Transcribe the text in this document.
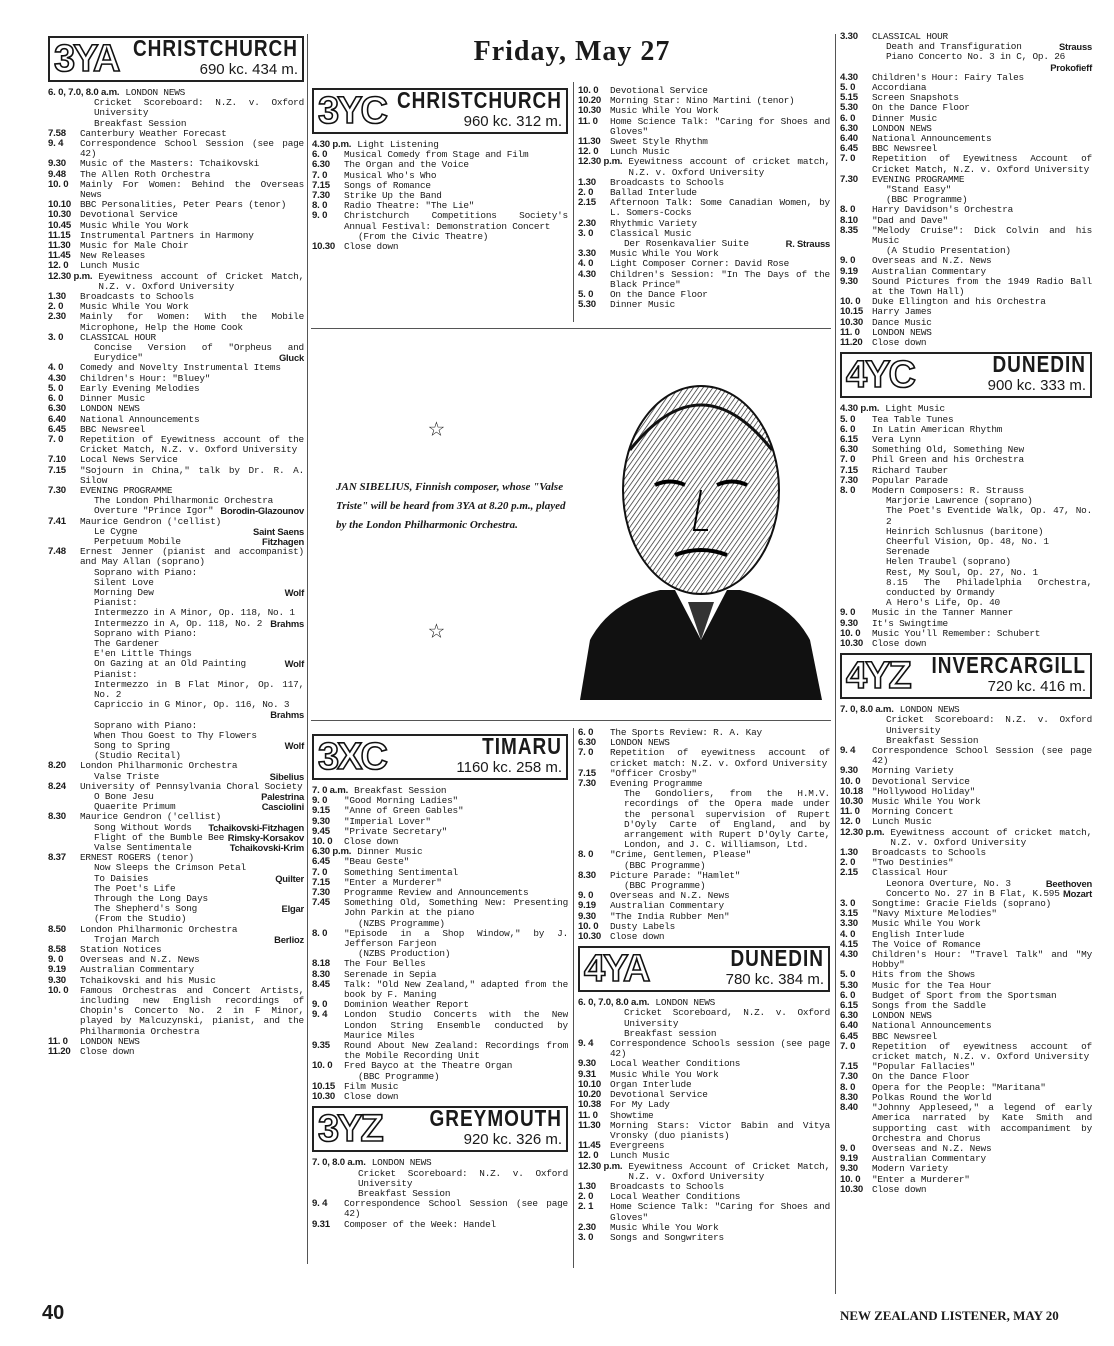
Friday, May 27
3YA CHRISTCHURCH
690 kc. 434 m.
6. 0, 7.0, 8.0 a.m. LONDON NEWS
Cricket Scoreboard: N.Z. v. Oxford University
Breakfast Session
7.58	Canterbury Weather Forecast
9. 4	Correspondence School Session (see page 42)
9.30	Music of the Masters: Tchaikovski
9.48	The Allen Roth Orchestra
10. 0	Mainly For Women: Behind the Overseas News
10.10 BBC Personalities, Peter Pears (tenor)
10.30 Devotional Service
10.45 Music While You Work
11.15	Instrumental Partners in Harmony
11.30	Music for Male Choir
11.45	New Releases
12. 0	Lunch Music
12.30 p.m. Eyewitness account of Cricket Match, N.Z. v. Oxford University
1.30	Broadcasts to Schools
2. 0	Music While You Work
2.30	Mainly for Women: With the Mobile Microphone, Help the Home Cook
3. 0	CLASSICAL HOUR
Concise Version of "Orpheus and Eurydice"	Gluck
4. 0	Comedy and Novelty Instrumental Items
4.30	Children's Hour: "Bluey"
5. 0	Early Evening Melodies
6. 0	Dinner Music
6.30	LONDON NEWS
6.40	National Announcements
6.45	BBC Newsreel
7. 0	Repetition of Eyewitness account of the Cricket Match, N.Z. v. Oxford University
7.10	Local News Service
7.15	"Sojourn in China," talk by Dr. R. A. Silow
7.30	EVENING PROGRAMME
The London Philharmonic Orchestra
Overture "Prince Igor" Borodin-Glazounov
7.41	Maurice Gendron ('cellist)
Le Cygne	Saint Saens
Perpetuum Mobile	Fitzhagen
7.48	Ernest Jenner (pianist and accompanist) and May Allan (soprano)
Soprano with Piano:
Silent Love
Morning Dew	Wolf
Pianist:
Intermezzo in A Minor, Op. 118, No. 1
Intermezzo in A, Op. 118, No. 2 Brahms
Soprano with Piano:
The Gardener
E'en Little Things
On Gazing at an Old Painting	Wolf
Pianist:
Intermezzo in B Flat Minor, Op. 117, No. 2
Capriccio in G Minor, Op. 116, No. 3
Brahms
Soprano with Piano:
When Thou Goest to Thy Flowers
Song to Spring	Wolf
(Studio Recital)
8.20	London Philharmonic Orchestra
Valse Triste	Sibelius
8.24	University of Pennsylvania Choral Society
O Bone Jesu	Palestrina
Quaerite Primum	Casciolini
8.30	Maurice Gendron ('cellist)
Song Without Words Tchaikovski-Fitzhagen
Flight of the Bumble Bee Rimsky-Korsakov
Valse Sentimentale	Tchaikovski-Krim
8.37	ERNEST ROGERS (tenor)
Now Sleeps the Crimson Petal
To Daisies	Quilter
The Poet's Life
Through the Long Days
The Shepherd's Song	Elgar
(From the Studio)
8.50	London Philharmonic Orchestra
Trojan March	Berlioz
8.58	Station Notices
9. 0	Overseas and N.Z. News
9.19	Australian Commentary
9.30	Tchaikovski and his Music
10. 0	Famous Orchestras and Concert Artists, including new English recordings of Chopin's Concerto No. 2 in F Minor, played by Malcuzynski, pianist, and the Philharmonia Orchestra
11. 0	LONDON NEWS
11.20	Close down
3YC CHRISTCHURCH
960 kc. 312 m.
4.30 p.m. Light Listening
6. 0	Musical Comedy from Stage and Film
6.30	The Organ and the Voice
7. 0	Musical Who's Who
7.15	Songs of Romance
7.30	Strike Up the Band
8. 0	Radio Theatre: "The Lie"
9. 0	Christchurch Competitions Society's Annual Festival: Demonstration Concert
(From the Civic Theatre)
10.30 Close down
10. 0	Devotional Service
10.20 Morning Star: Nino Martini (tenor)
10.30 Music While You Work
11. 0	Home Science Talk: "Caring for Shoes and Gloves"
11.30	Sweet Style Rhythm
12. 0	Lunch Music
12.30 p.m. Eyewitness account of cricket match, N.Z. v. Oxford University
1.30	Broadcasts to Schools
2. 0	Ballad Interlude
2.15	Afternoon Talk: Some Canadian Women, by L. Somers-Cocks
2.30	Rhythmic Variety
3. 0	Classical Music
Der Rosenkavalier Suite	R. Strauss
3.30	Music While You Work
4. 0	Light Composer Corner: David Rose
4.30	Children's Session: "In The Days of the Black Prince"
5. 0	On the Dance Floor
5.30	Dinner Music
☆
☆
JAN SIBELIUS, Finnish composer, whose "Valse Triste" will be heard from 3YA at 8.20 p.m., played by the London Philharmonic Orchestra.
3XC	TIMARU
1160 kc. 258 m.
7. 0 a.m. Breakfast Session
9. 0	"Good Morning Ladies"
9.15	"Anne of Green Gables"
9.30	"Imperial Lover"
9.45	"Private Secretary"
10. 0	Close down
6.30 p.m. Dinner Music
6.45	"Beau Geste"
7. 0	Something Sentimental
7.15	"Enter a Murderer"
7.30	Programme Review and Announcements
7.45	Something Old, Something New: Presenting John Parkin at the piano
(NZBS Programme)
8. 0	"Episode in a Shop Window," by J. Jefferson Farjeon
(NZBS Production)
8.18	The Four Belles
8.30	Serenade in Sepia
8.45	Talk: "Old New Zealand," adapted from the book by F. Maning
9. 0	Dominion Weather Report
9. 4	London Studio Concerts with the New London String Ensemble conducted by Maurice Miles
9.35	Round About New Zealand: Recordings from the Mobile Recording Unit
10. 0	Fred Bayco at the Theatre Organ
(BBC Programme)
10.15 Film Music
10.30 Close down
3YZ	GREYMOUTH
920 kc. 326 m.
7. 0, 8.0 a.m. LONDON NEWS
Cricket Scoreboard: N.Z. v. Oxford University
Breakfast Session
9. 4	Correspondence School Session (see page 42)
9.31	Composer of the Week: Handel
6. 0	The Sports Review: R. A. Kay
6.30	LONDON NEWS
7. 0	Repetition of eyewitness account of cricket match: N.Z. v. Oxford University
7.15	"Officer Crosby"
7.30	Evening Programme
The Gondoliers, from the H.M.V. recordings of the Opera made under the personal supervision of Rupert D'Oyly Carte of England, and by arrangement with Rupert D'Oyly Carte, London, and J. C. Williamson, Ltd.
8. 0	"Crime, Gentlemen, Please"
(BBC Programme)
8.30	Picture Parade: "Hamlet"
(BBC Programme)
9. 0	Overseas and N.Z. News
9.19	Australian Commentary
9.30	"The India Rubber Men"
10. 0	Dusty Labels
10.30 Close down
4YA	DUNEDIN
780 kc. 384 m.
6. 0, 7.0, 8.0 a.m. LONDON NEWS
Cricket Scoreboard, N.Z. v. Oxford University
Breakfast session
9. 4	Correspondence Schools session (see page 42)
9.30	Local Weather Conditions
9.31	Music While You Work
10.10 Organ Interlude
10.20 Devotional Service
10.38 For My Lady
11. 0	Showtime
11.30	Morning Stars: Victor Babin and Vitya Vronsky (duo pianists)
11.45	Evergreens
12. 0	Lunch Music
12.30 p.m. Eyewitness Account of Cricket Match, N.Z. v. Oxford University
1.30	Broadcasts to Schools
2. 0	Local Weather Conditions
2. 1	Home Science Talk: "Caring for Shoes and Gloves"
2.30	Music While You Work
3. 0	Songs and Songwriters
3.30	CLASSICAL HOUR
Death and Transfiguration	Strauss
Piano Concerto No. 3 in C, Op. 26
Prokofieff
4.30	Children's Hour: Fairy Tales
5. 0	Accordiana
5.15	Screen Snapshots
5.30	On the Dance Floor
6. 0	Dinner Music
6.30	LONDON NEWS
6.40	National Announcements
6.45	BBC Newsreel
7. 0	Repetition of Eyewitness Account of Cricket Match, N.Z. v. Oxford University
7.30	EVENING PROGRAMME
"Stand Easy"
(BBC Programme)
8. 0	Harry Davidson's Orchestra
8.10	"Dad and Dave"
8.35	"Melody Cruise": Dick Colvin and his Music
(A Studio Presentation)
9. 0	Overseas and N.Z. News
9.19	Australian Commentary
9.30	Sound Pictures from the 1949 Radio Ball at the Town Hall)
10. 0	Duke Ellington and his Orchestra
10.15 Harry James
10.30 Dance Music
11. 0	LONDON NEWS
11.20	Close down
4YC	DUNEDIN
900 kc. 333 m.
4.30 p.m. Light Music
5. 0	Tea Table Tunes
6. 0	In Latin American Rhythm
6.15	Vera Lynn
6.30	Something Old, Something New
7. 0	Phil Green and his Orchestra
7.15	Richard Tauber
7.30	Popular Parade
8. 0	Modern Composers: R. Strauss
Marjorie Lawrence (soprano)
The Poet's Eventide Walk, Op. 47, No. 2
Heinrich Schlusnus (baritone)
Cheerful Vision, Op. 48, No. 1
Serenade
Helen Traubel (soprano)
Rest, My Soul, Op. 27, No. 1
8.15 The Philadelphia Orchestra, conducted by Ormandy
A Hero's Life, Op. 40
9. 0	Music in the Tanner Manner
9.30	It's Swingtime
10. 0	Music You'll Remember: Schubert
10.30 Close down
4YZ	INVERCARGILL
720 kc. 416 m.
7. 0, 8.0 a.m. LONDON NEWS
Cricket Scoreboard: N.Z. v. Oxford University
Breakfast Session
9. 4	Correspondence School Session (see page 42)
9.30	Morning Variety
10. 0	Devotional Service
10.18 "Hollywood Holiday"
10.30 Music While You Work
11. 0	Morning Concert
12. 0	Lunch Music
12.30 p.m. Eyewitness account of cricket match, N.Z. v. Oxford University
1.30	Broadcasts to Schools
2. 0	"Two Destinies"
2.15	Classical Hour
Leonora Overture, No. 3	Beethoven
Concerto No. 27 in B Flat, K.595 Mozart
3. 0	Songtime: Gracie Fields (soprano)
3.15	"Navy Mixture Melodies"
3.30	Music While You Work
4. 0	English Interlude
4.15	The Voice of Romance
4.30	Children's Hour: "Travel Talk" and "My Hobby"
5. 0	Hits from the Shows
5.30	Music for the Tea Hour
6. 0	Budget of Sport from the Sportsman
6.15	Songs from the Saddle
6.30	LONDON NEWS
6.40	National Announcements
6.45	BBC Newsreel
7. 0	Repetition of eyewitness account of cricket match, N.Z. v. Oxford University
7.15	"Popular Fallacies"
7.30	On the Dance Floor
8. 0	Opera for the People: "Maritana"
8.30	Polkas Round the World
8.40	"Johnny Appleseed," a legend of early America narrated by Kate Smith and supporting cast with accompaniment by Orchestra and Chorus
9. 0	Overseas and N.Z. News
9.19	Australian Commentary
9.30	Modern Variety
10. 0	"Enter a Murderer"
10.30 Close down
40	NEW ZEALAND LISTENER, MAY 20
